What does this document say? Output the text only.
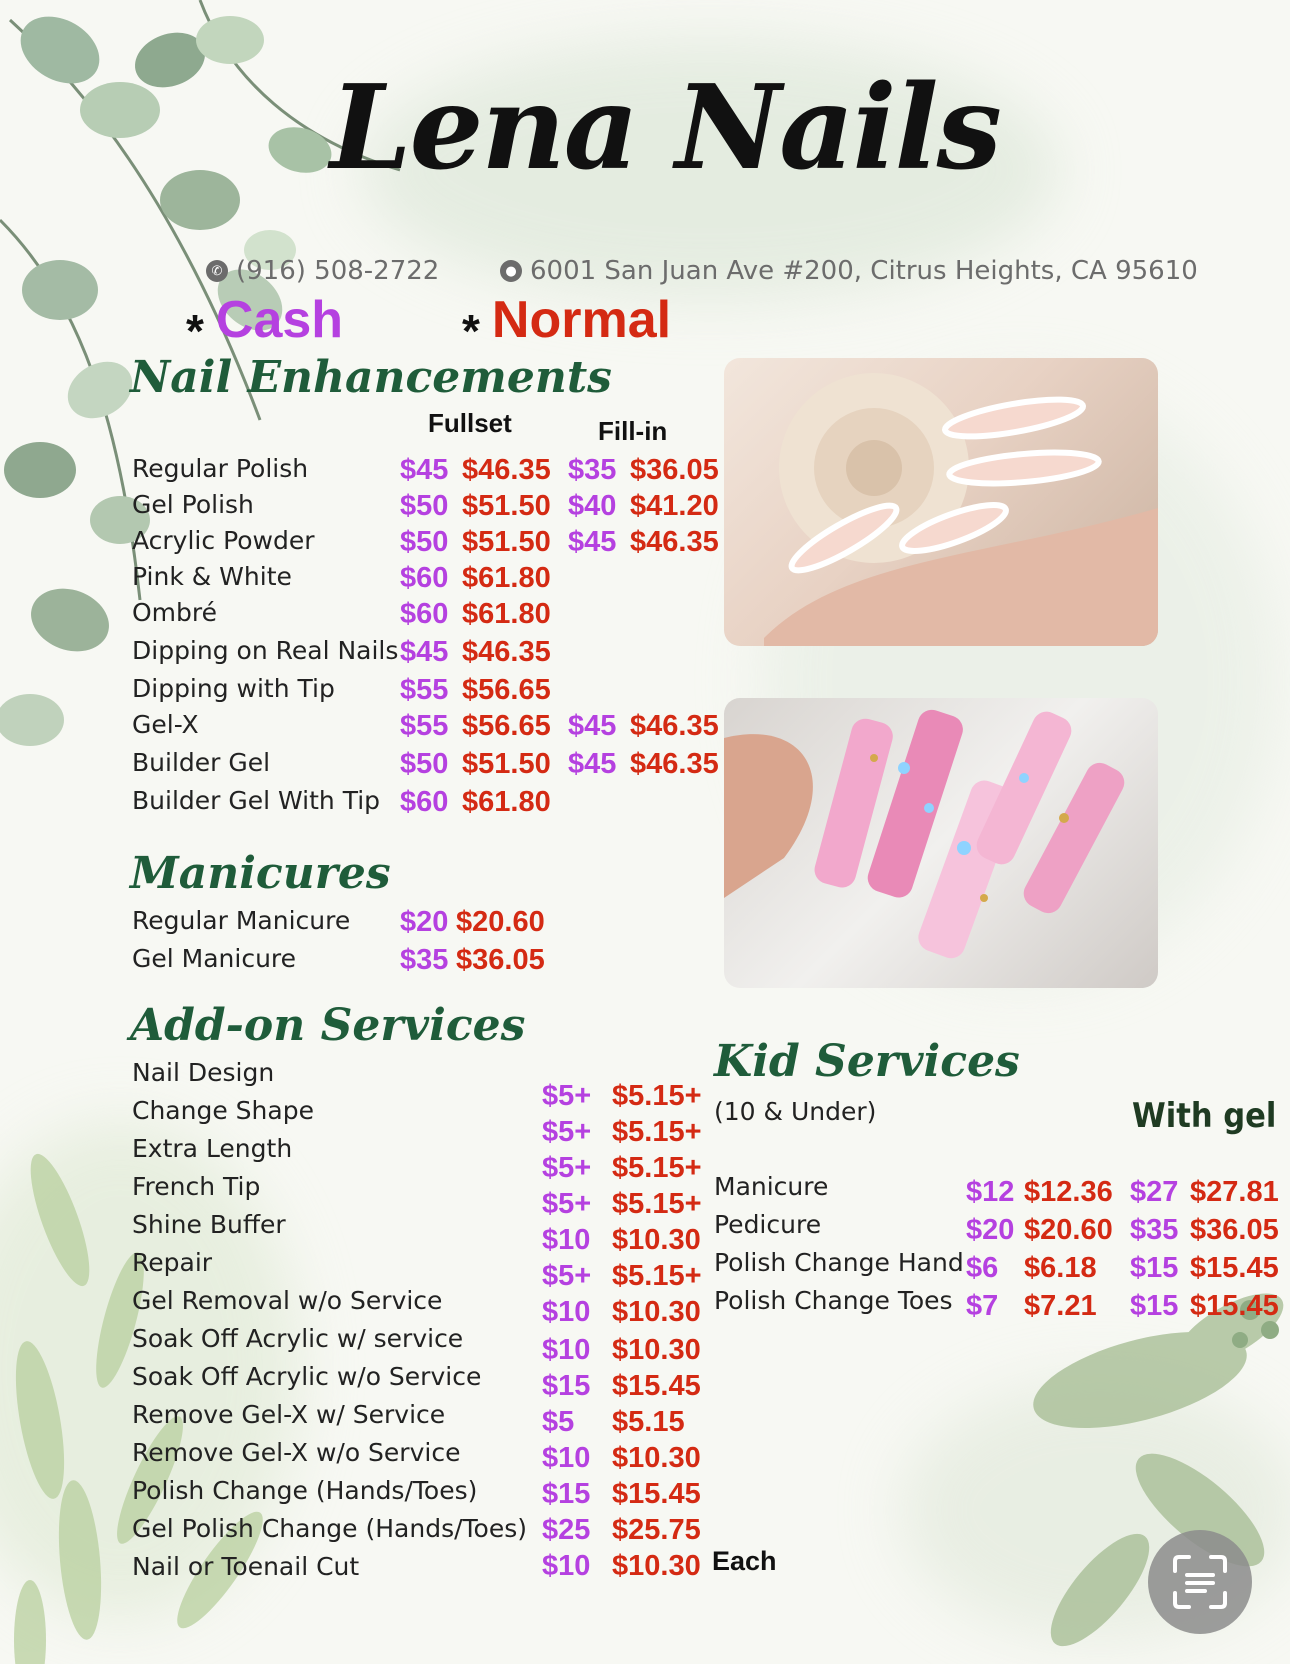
Lena Nails
✆ (916) 508-2722	● 6001 San Juan Ave #200, Citrus Heights, CA 95610
* Cash	* Normal
Nail Enhancements
Fullset	Fill-in
Regular Polish	$45 $46.35 $35 $36.05
Gel Polish	$50 $51.50 $40 $41.20
Acrylic Powder	$50 $51.50 $45 $46.35
Pink & White	$60 $61.80
Ombré	$60 $61.80
Dipping on Real Nails $45 $46.35
Dipping with Tip $55 $56.65
Gel-X	$55 $56.65 $45 $46.35
Builder Gel	$50 $51.50 $45 $46.35
Builder Gel With Tip $60 $61.80
Manicures
Regular Manicure $20 $20.60
Gel Manicure	$35 $36.05
Add-on Services
Nail Design
$5+ $5.15+
Change Shape
$5+ $5.15+
Extra Length
$5+ $5.15+
French Tip
$5+ $5.15+
Shine Buffer	$10 $10.30
Repair	$5+ $5.15+
Gel Removal w/o Service	$10 $10.30
Soak Off Acrylic w/ service	$10 $10.30
Soak Off Acrylic w/o Service $15 $15.45
Remove Gel-X w/ Service	$5 $5.15
Remove Gel-X w/o Service	$10 $10.30
Polish Change (Hands/Toes) $15 $15.45
Gel Polish Change (Hands/Toes) $25 $25.75
Nail or Toenail Cut	$10 $10.30 Each
Kid Services
(10 & Under)	With gel
Manicure	$12 $12.36 $27 $27.81
Pedicure	$20 $20.60 $35 $36.05
Polish Change Hand $6 $6.18 $15 $15.45
Polish Change Toes $7 $7.21 $15 $15.45
